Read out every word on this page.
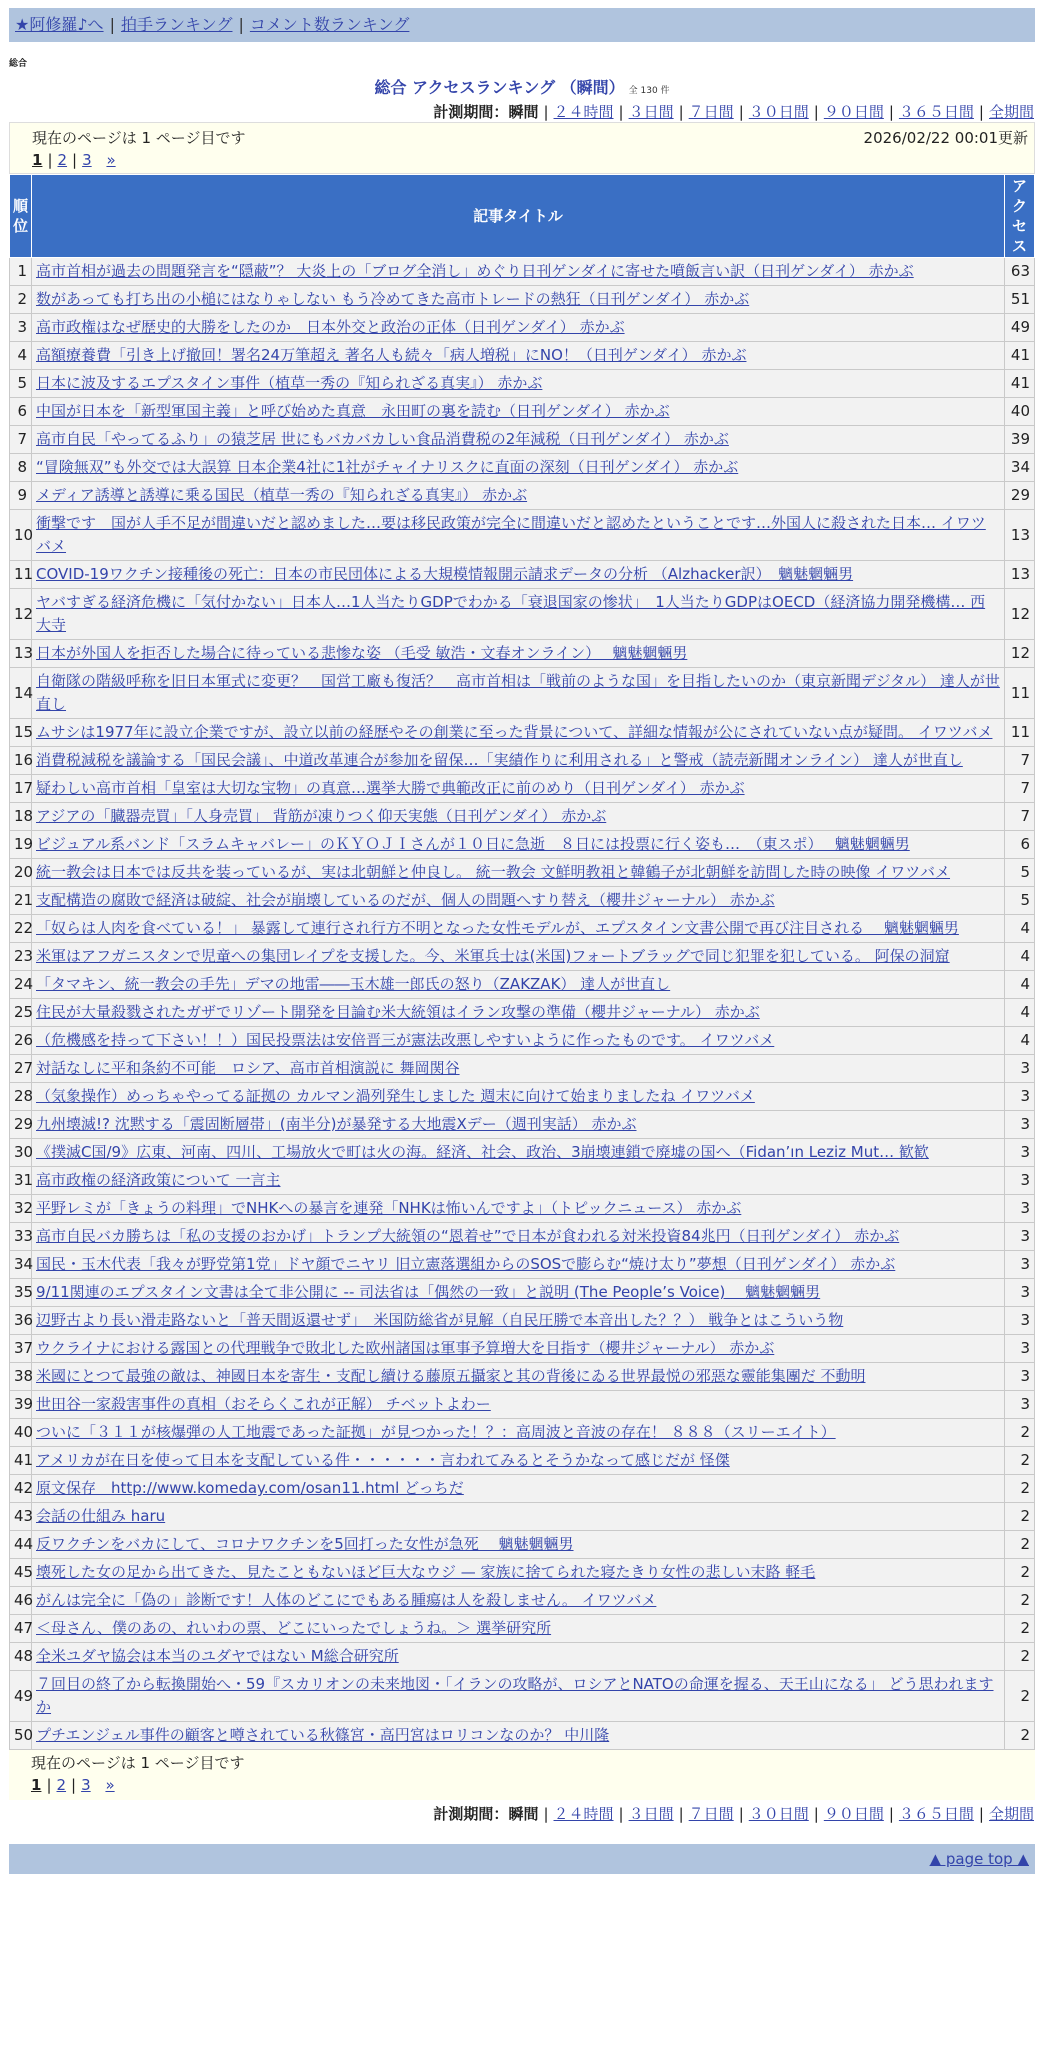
★阿修羅♪へ | 拍手ランキング | コメント数ランキング
総合
総合 アクセスランキング （瞬間） 全 130 件
計測期間：瞬間 | ２４時間 | ３日間 | ７日間 | ３０日間 | ９０日間 | ３６５日間 | 全期間
現在のページは 1 ページ目です	2026/02/22 00:01更新
1 | 2 | 3 »
順位	記事タイトル	アクセス
1	高市首相が過去の問題発言を“隠蔽”？ 大炎上の「ブログ全消し」めぐり日刊ゲンダイに寄せた噴飯言い訳（日刊ゲンダイ） 赤かぶ	63
2	数があっても打ち出の小槌にはなりゃしない もう冷めてきた高市トレードの熱狂（日刊ゲンダイ） 赤かぶ	51
3	高市政権はなぜ歴史的大勝をしたのか　日本外交と政治の正体（日刊ゲンダイ） 赤かぶ	49
4	高額療養費「引き上げ撤回！署名24万筆超え 著名人も続々「病人増税」にNO！（日刊ゲンダイ） 赤かぶ	41
5	日本に波及するエプスタイン事件（植草一秀の『知られざる真実』） 赤かぶ	41
6	中国が日本を「新型軍国主義」と呼び始めた真意　永田町の裏を読む（日刊ゲンダイ） 赤かぶ	40
7	高市自民「やってるふり」の猿芝居 世にもバカバカしい食品消費税の2年減税（日刊ゲンダイ） 赤かぶ	39
8	“冒険無双”も外交では大誤算 日本企業4社に1社がチャイナリスクに直面の深刻（日刊ゲンダイ） 赤かぶ	34
9	メディア誘導と誘導に乗る国民（植草一秀の『知られざる真実』） 赤かぶ	29
10	衝撃です　国が人手不足が間違いだと認めました…要は移民政策が完全に間違いだと認めたということです…外国人に殺された日本… イワツバメ	13
11	COVID-19ワクチン接種後の死亡：日本の市民団体による大規模情報開示請求データの分析 （Alzhacker訳）　魑魅魍魎男	13
12	ヤバすぎる経済危機に「気付かない」日本人…1人当たりGDPでわかる「衰退国家の惨状」　1人当たりGDPはOECD（経済協力開発機構… 西大寺	12
13	日本が外国人を拒否した場合に待っている悲惨な姿 （毛受 敏浩・文春オンライン）　 魑魅魍魎男	12
14	自衛隊の階級呼称を旧日本軍式に変更？　国営工廠も復活？　高市首相は「戦前のような国」を目指したいのか（東京新聞デジタル） 達人が世直し	11
15	ムサシは1977年に設立企業ですが、設立以前の経歴やその創業に至った背景について、詳細な情報が公にされていない点が疑問。 イワツバメ	11
16	消費税減税を議論する「国民会議」、中道改革連合が参加を留保…「実績作りに利用される」と警戒（読売新聞オンライン） 達人が世直し	7
17	疑わしい高市首相「皇室は大切な宝物」の真意…選挙大勝で典範改正に前のめり（日刊ゲンダイ） 赤かぶ	7
18	アジアの「臓器売買」「人身売買」 背筋が凍りつく仰天実態（日刊ゲンダイ） 赤かぶ	7
19	ビジュアル系バンド「スラムキャバレー」のＫＹＯＪＩさんが１０日に急逝　８日には投票に行く姿も…　（東スポ）　 魑魅魍魎男	6
20	統一教会は日本では反共を装っているが、実は北朝鮮と仲良し。 統一教会 文鮮明教祖と韓鶴子が北朝鮮を訪問した時の映像 イワツバメ	5
21	支配構造の腐敗で経済は破綻、社会が崩壊しているのだが、個人の問題へすり替え（櫻井ジャーナル） 赤かぶ	5
22	「奴らは人肉を食べている！」 暴露して連行され行方不明となった女性モデルが、エプスタイン文書公開で再び注目される　 魑魅魍魎男	4
23	米軍はアフガニスタンで児童への集団レイプを支援した。今、米軍兵士は(米国)フォートブラッグで同じ犯罪を犯している。 阿保の洞窟	4
24	「タマキン、統一教会の手先」デマの地雷――玉木雄一郎氏の怒り（ZAKZAK） 達人が世直し	4
25	住民が大量殺戮されたガザでリゾート開発を目論む米大統領はイラン攻撃の準備（櫻井ジャーナル） 赤かぶ	4
26	（危機感を持って下さい！！）国民投票法は安倍晋三が憲法改悪しやすいように作ったものです。 イワツバメ	4
27	対話なしに平和条約不可能　ロシア、高市首相演説に 舞岡関谷	3
28	（気象操作）めっちゃやってる証拠の カルマン渦列発生しました 週末に向けて始まりましたね イワツバメ	3
29	九州壊滅!? 沈黙する「震固断層帯」(南半分)が暴発する大地震Xデー（週刊実話） 赤かぶ	3
30	《撲滅C国/9》広東、河南、四川、工場放火で町は火の海。経済、社会、政治、3崩壊連鎖で廃墟の国へ（Fidan’ın Leziz Mut… 歓歓	3
31	高市政権の経済政策について 一言主	3
32	平野レミが「きょうの料理」でNHKへの暴言を連発「NHKは怖いんですよ」（トピックニュース） 赤かぶ	3
33	高市自民バカ勝ちは「私の支援のおかげ」トランプ大統領の“恩着せ”で日本が食われる対米投資84兆円（日刊ゲンダイ） 赤かぶ	3
34	国民・玉木代表「我々が野党第1党」ドヤ顔でニヤリ 旧立憲落選組からのSOSで膨らむ“焼け太り”夢想（日刊ゲンダイ） 赤かぶ	3
35	9/11関連のエプスタイン文書は全て非公開に -- 司法省は「偶然の一致」と説明 (The People’s Voice)　 魑魅魍魎男	3
36	辺野古より長い滑走路ないと「普天間返還せず」　米国防総省が見解（自民圧勝で本音出した？？） 戦争とはこういう物	3
37	ウクライナにおける露国との代理戦争で敗北した欧州諸国は軍事予算増大を目指す（櫻井ジャーナル） 赤かぶ	3
38	米國にとつて最強の敵は、神國日本を寄生・支配し續ける藤原五攝家と其の背後にゐる世界最悦の邪惡な靈能集團だ 不動明	3
39	世田谷一家殺害事件の真相（おそらくこれが正解） チベットよわー	3
40	ついに「３１１が核爆弾の人工地震であった証拠」が見つかった！？：高周波と音波の存在！ ８８８（スリーエイト）	2
41	アメリカが在日を使って日本を支配している件・・・・・・言われてみるとそうかなって感じだが 怪傑	2
42	原文保存　http://www.komeday.com/osan11.html どっちだ	2
43	会話の仕組み haru	2
44	反ワクチンをバカにして、コロナワクチンを5回打った女性が急死　 魑魅魍魎男	2
45	壊死した女の足から出てきた、見たこともないほど巨大なウジ — 家族に捨てられた寝たきり女性の悲しい末路 軽毛	2
46	がんは完全に「偽の」診断です！人体のどこにでもある腫瘍は人を殺しません。 イワツバメ	2
47	＜母さん、僕のあの、れいわの票、どこにいったでしょうね。＞ 選挙研究所	2
48	全米ユダヤ協会は本当のユダヤではない M総合研究所	2
49	７回目の終了から転換開始へ・59『スカリオンの未来地図・「イランの攻略が、ロシアとNATOの命運を握る、天王山になる」 どう思われますか	2
50	プチエンジェル事件の顧客と噂されている秋篠宮・高円宮はロリコンなのか？ 中川隆	2
現在のページは 1 ページ目です
1 | 2 | 3 »
計測期間：瞬間 | ２４時間 | ３日間 | ７日間 | ３０日間 | ９０日間 | ３６５日間 | 全期間
▲ page top ▲
